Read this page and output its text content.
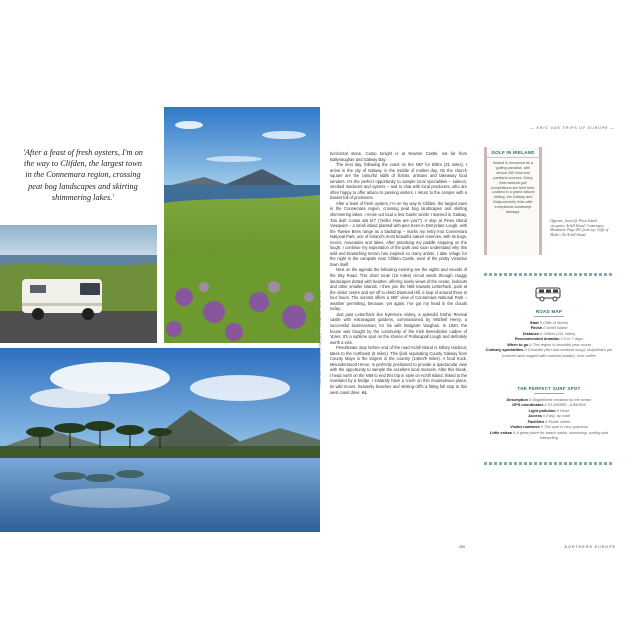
'After a feast of fresh oysters, I'm on the way to Clifden, the largest town in the Connemara region, crossing peat bog landscapes and skirting shimmering lakes.'
© Maximilian Kas (Dunduff); Holy (two); © Joanna2900 / Adobe Stock
— ERIC VAN TRIPS OF EUROPE —

horizontal stone. Camp tonight is at Newton Castle, not far from Ballyvaughan and Galway Bay.

The next day, following the coast on the N67 for 50km (31 miles), I arrive in the city of Galway, in the middle of market day. On the church square are the colourful stalls of florists, artisans and takeaway food vendors. It's the perfect opportunity to sample local specialities – salmon, smoked mackerel and oysters – and to chat with local producers, who are often happy to offer advice to passing visitors. I return to the camper with a basket full of provisions.

After a feast of fresh oysters, I'm on my way to Clifden, the largest town in the Connemara region, crossing peat bog landscapes and skirting shimmering lakes. I recite out loud a few Gaelic words I learned in Galway, 'Dia duit! Conas atá tú?' ('Hello! How are you?'). A stop at Pines Island Viewpoint – a small island planted with pine trees in Derryclare Lough, with the Twelve Bens range as a backdrop – marks my entry into Connemara National Park, one of Ireland's most beautiful nature reserves, with its bogs, moors, mountains and lakes. After practising my paddle stopping on the lough, I continue my exploration of the park and soon understand why this wild and bewitching terrain has inspired so many artists. I take refuge for the night in the campsite near Clifden Castle, west of the pretty Victorian town itself.

Next on the agenda the following morning are the sights and sounds of the Sky Road. This short route (16 miles) circuit winds through craggy landscapes dotted with heather, offering lovely views of the ocean, lookouts and other smaller islands. I then join the N59 towards Letterfrack, park at the visitor centre and set off to climb Diamond Hill, a loop of around three to four hours. The summit offers a 360° view of Connemara National Park – weather permitting, because, yet again, I've got my head in the clouds today.

Just past Letterfrack lies Kylemore Abbey, a splendid Gothic Revival castle with extravagant gardens, commissioned by Mitchell Henry, a successful businessman, for his wife Margaret Vaughan. In 1920, the house was bought by the community of the Irish Benedictine Ladies of Ypres. It's a sublime spot on the shores of Pollacapall Lough and definitely worth a visit.

Penultimate stop before end of the road Achill Island is Killary Harbour, takes to the northeast (6 miles). This fjord separating County Galway from County Mayo is the largest in the country (14km/9 miles). A food truck, Misunderstood Heron, is perfectly positioned to provide a spectacular view with the opportunity to sample the excellent local mussels. After this break, I head north on the N59 to end this trip in style on Achill Island, linked to the mainland by a bridge. I instantly have a crush on this mountainous place, its wild moors, heavenly beaches and striking cliffs a fitting full stop to this west coast drive. AL

GOLF IN IRELAND
Ireland is renowned as a golfing paradise, with almost 400 links and parkland courses. Many international golf competitions are held here. Located in a grand natural setting, the Galway and Ballyconneely links offer exceptional windswept fairways.
Opposite, from left: Pines Island viewpoint; Achill Island; Connemara Mountains. Page 283, from top: Cliffs of Moher; On Achill Island
ROAD MAP
Start // Cliffs of Moher
Finish // Achill Island
Distance // 340km (211 miles)
Recommended duration // 5 to 7 days
When to go // The region is beautiful year-round
Culinary specialities // Chowder (fish and seafood soup), shepherd's pie (minced lamb topped with mashed potato), Irish coffee
THE PERFECT SURF SPOT
Description // Magnificent meadow by the ocean
GPS coordinates // 53.506883, -9.890845
Light pollution // None
Access // Easy, by road
Facilities // Public toilets
Visitor numbers // The spot is very spacious
Little extras // A great place for beach walks, swimming, surfing and kitesurfing
285	NORTHERN EUROPE
